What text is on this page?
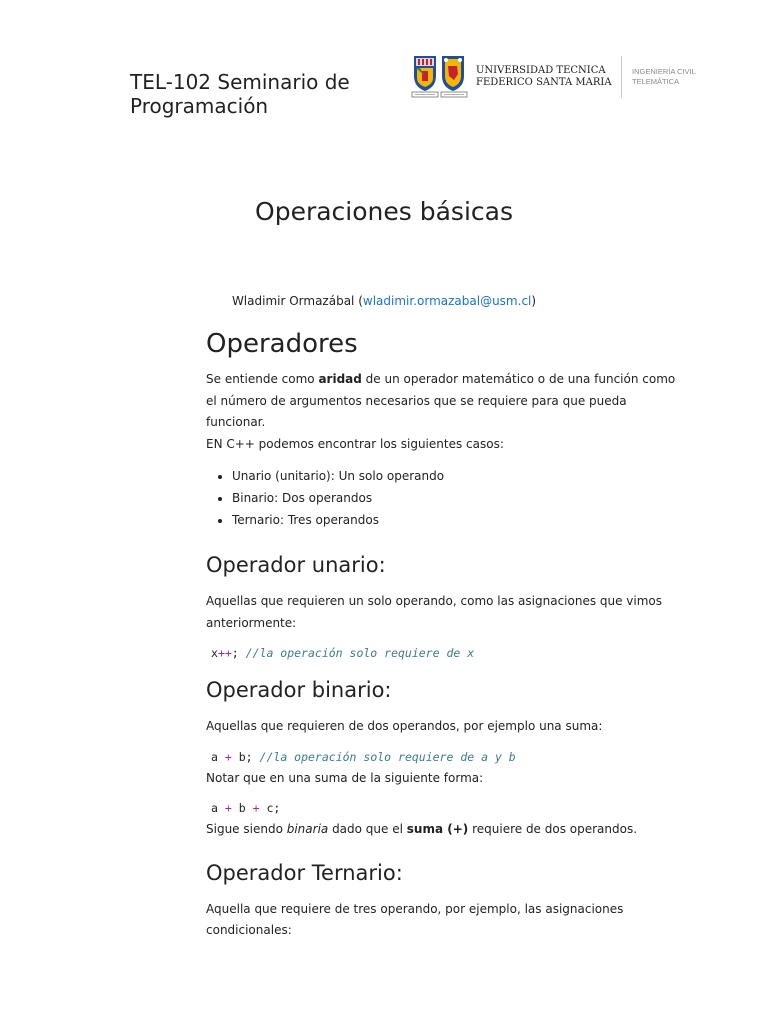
TEL-102 Seminario de Programación
UNIVERSIDAD TECNICA
FEDERICO SANTA MARIA
INGENIERÍA CIVIL
TELEMÁTICA
Operaciones básicas
Wladimir Ormazábal (wladimir.ormazabal@usm.cl)
Operadores

Se entiende como aridad de un operador matemático o de una función como el número de argumentos necesarios que se requiere para que pueda funcionar.

EN C++ podemos encontrar los siguientes casos:

• Unario (unitario): Un solo operando
• Binario: Dos operandos
• Ternario: Tres operandos
Operador unario:

Aquellas que requieren un solo operando, como las asignaciones que vimos anteriormente:

x++; //la operación solo requiere de x
Operador binario:

Aquellas que requieren de dos operandos, por ejemplo una suma:

a + b; //la operación solo requiere de a y b

Notar que en una suma de la siguiente forma:

a + b + c;

Sigue siendo binaria dado que el suma (+) requiere de dos operandos.

Operador Ternario:

Aquella que requiere de tres operando, por ejemplo, las asignaciones condicionales:
